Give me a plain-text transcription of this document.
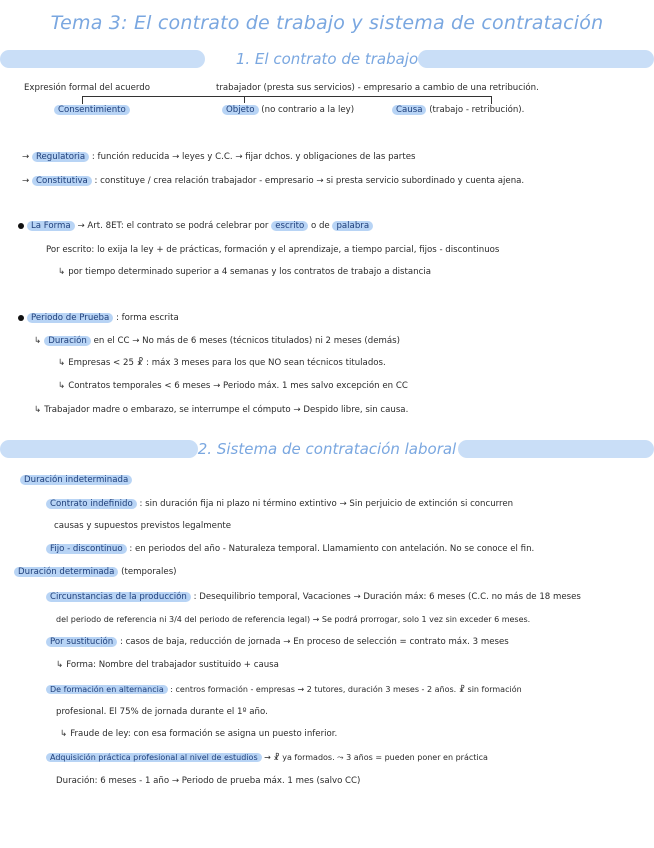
Tema 3: El contrato de trabajo y sistema de contratación
1. El contrato de trabajo
Expresión formal del acuerdo	trabajador (presta sus servicios) - empresario a cambio de una retribución.
Consentimiento	Objeto (no contrario a la ley)	Causa (trabajo - retribución).
→ Regulatoria : función reducida → leyes y C.C. → fijar dchos. y obligaciones de las partes
→ Constitutiva : constituye / crea relación trabajador - empresario → si presta servicio subordinado y cuenta ajena.
La Forma → Art. 8ET: el contrato se podrá celebrar por escrito o de palabra
Por escrito: lo exija la ley + de prácticas, formación y el aprendizaje, a tiempo parcial, fijos - discontinuos
↳ por tiempo determinado superior a 4 semanas y los contratos de trabajo a distancia
Periodo de Prueba : forma escrita
↳ Duración en el CC → No más de 6 meses (técnicos titulados) ni 2 meses (demás)
↳ Empresas < 25 ☧ : máx 3 meses para los que NO sean técnicos titulados.
↳ Contratos temporales < 6 meses → Periodo máx. 1 mes salvo excepción en CC
↳ Trabajador madre o embarazo, se interrumpe el cómputo → Despido libre, sin causa.
2. Sistema de contratación laboral
Duración indeterminada
Contrato indefinido : sin duración fija ni plazo ni término extintivo → Sin perjuicio de extinción si concurren
causas y supuestos previstos legalmente
Fijo - discontinuo : en periodos del año - Naturaleza temporal. Llamamiento con antelación. No se conoce el fin.
Duración determinada (temporales)
Circunstancias de la producción : Desequilibrio temporal, Vacaciones → Duración máx: 6 meses (C.C. no más de 18 meses
del periodo de referencia ni 3/4 del periodo de referencia legal) → Se podrá prorrogar, solo 1 vez sin exceder 6 meses.
Por sustitución : casos de baja, reducción de jornada → En proceso de selección = contrato máx. 3 meses
↳ Forma: Nombre del trabajador sustituido + causa
De formación en alternancia : centros formación - empresas → 2 tutores, duración 3 meses - 2 años. ☧ sin formación
profesional. El 75% de jornada durante el 1º año.
↳ Fraude de ley: con esa formación se asigna un puesto inferior.
Adquisición práctica profesional al nivel de estudios → ☧ ya formados. ⤳ 3 años = pueden poner en práctica
Duración: 6 meses - 1 año → Periodo de prueba máx. 1 mes (salvo CC)
